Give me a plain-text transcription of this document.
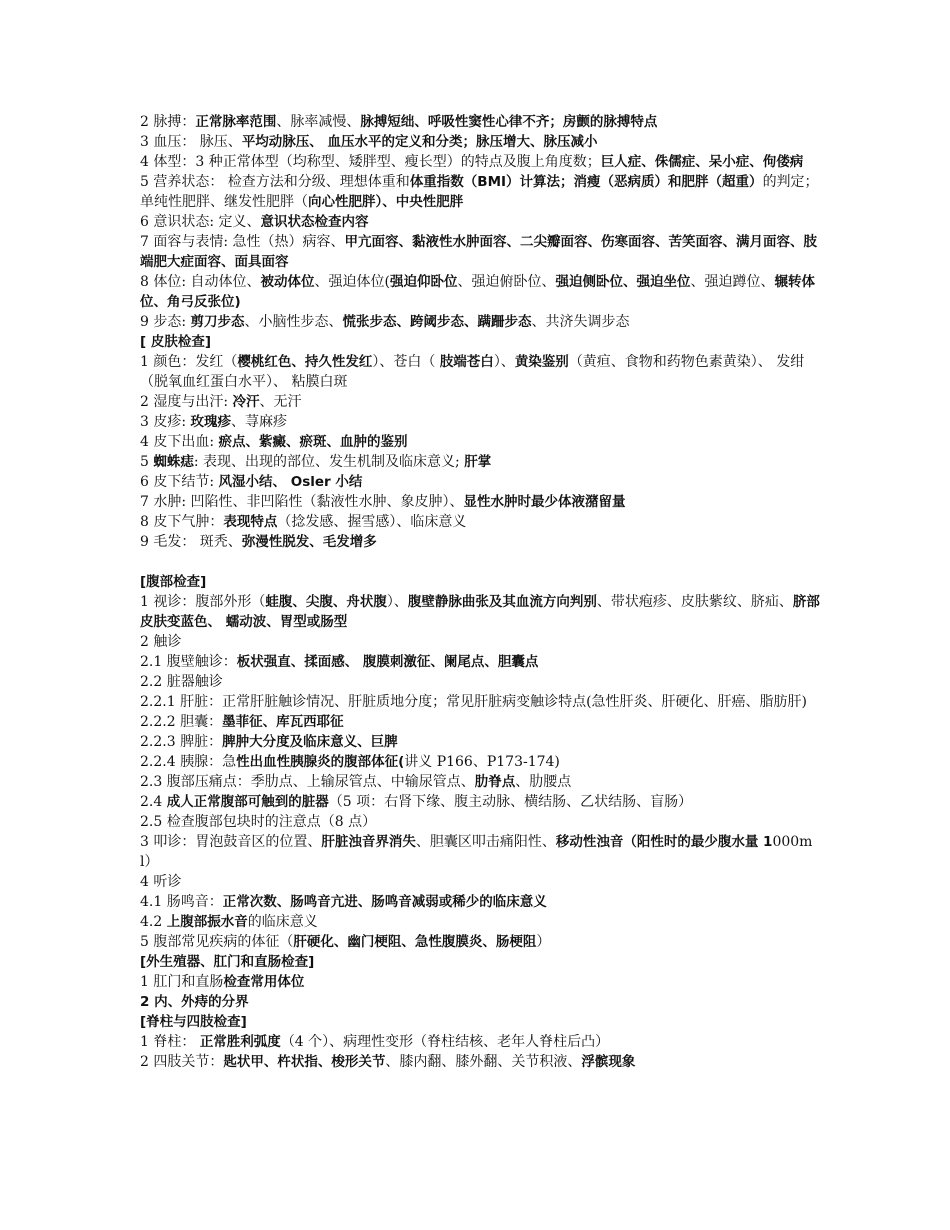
2 脉搏：正常脉率范围、脉率减慢、脉搏短绌、呼吸性窦性心律不齐；房颤的脉搏特点
3 血压： 脉压、平均动脉压、 血压水平的定义和分类；脉压增大、脉压减小
4 体型：3 种正常体型（均称型、矮胖型、瘦长型）的特点及腹上角度数；巨人症、侏儒症、呆小症、佝偻病
5 营养状态： 检查方法和分级、理想体重和体重指数（BMI）计算法；消瘦（恶病质）和肥胖（超重）的判定；单纯性肥胖、继发性肥胖（向心性肥胖）、中央性肥胖
6 意识状态: 定义、意识状态检查内容
7 面容与表情: 急性（热）病容、甲亢面容、黏液性水肿面容、二尖瓣面容、伤寒面容、苦笑面容、满月面容、肢端肥大症面容、面具面容
8 体位: 自动体位、被动体位、强迫体位(强迫仰卧位、强迫俯卧位、强迫侧卧位、强迫坐位、强迫蹲位、辗转体位、角弓反张位)
9 步态: 剪刀步态、小脑性步态、慌张步态、跨阈步态、蹒跚步态、共济失调步态
[ 皮肤检查]
1 颜色：发红（樱桃红色、持久性发红）、苍白（ 肢端苍白）、黄染鉴别（黄疸、食物和药物色素黄染）、 发绀（脱氧血红蛋白水平）、 粘膜白斑
2 湿度与出汗: 冷汗、无汗
3 皮疹: 玫瑰疹、荨麻疹
4 皮下出血: 瘀点、紫癜、瘀斑、血肿的鉴别
5 蜘蛛痣: 表现、出现的部位、发生机制及临床意义; 肝掌
6 皮下结节: 风湿小结、 Osler 小结
7 水肿: 凹陷性、非凹陷性（黏液性水肿、象皮肿）、显性水肿时最少体液潴留量
8 皮下气肿：表现特点（捻发感、握雪感）、临床意义
9 毛发： 斑秃、弥漫性脱发、毛发增多
[腹部检查]
1 视诊：腹部外形（蛙腹、尖腹、舟状腹）、腹壁静脉曲张及其血流方向判别、带状疱疹、皮肤紫纹、脐疝、脐部皮肤变蓝色、 蠕动波、胃型或肠型
2 触诊
2.1 腹壁触诊：板状强直、揉面感、 腹膜刺激征、阑尾点、胆囊点
2.2 脏器触诊
2.2.1 肝脏：正常肝脏触诊情况、肝脏质地分度；常见肝脏病变触诊特点(急性肝炎、肝硬化、肝癌、脂肪肝)
2.2.2 胆囊：墨菲征、库瓦西耶征
2.2.3 脾脏：脾肿大分度及临床意义、巨脾
2.2.4 胰腺：急性出血性胰腺炎的腹部体征(讲义 P166、P173-174)
2.3 腹部压痛点：季肋点、上输尿管点、中输尿管点、肋脊点、肋腰点
2.4 成人正常腹部可触到的脏器（5 项：右肾下缘、腹主动脉、横结肠、乙状结肠、盲肠）
2.5 检查腹部包块时的注意点（8 点）
3 叩诊：胃泡鼓音区的位置、肝脏浊音界消失、胆囊区叩击痛阳性、移动性浊音（阳性时的最少腹水量 1000ml）
4 听诊
4.1 肠鸣音：正常次数、肠鸣音亢进、肠鸣音减弱或稀少的临床意义
4.2 上腹部振水音的临床意义
5 腹部常见疾病的体征（肝硬化、幽门梗阻、急性腹膜炎、肠梗阻）
[外生殖器、肛门和直肠检查]
1 肛门和直肠检查常用体位
2 内、外痔的分界
[脊柱与四肢检查]
1 脊柱： 正常胜利弧度（4 个）、病理性变形（脊柱结核、老年人脊柱后凸）
2 四肢关节：匙状甲、杵状指、梭形关节、膝内翻、膝外翻、关节积液、浮髌现象
